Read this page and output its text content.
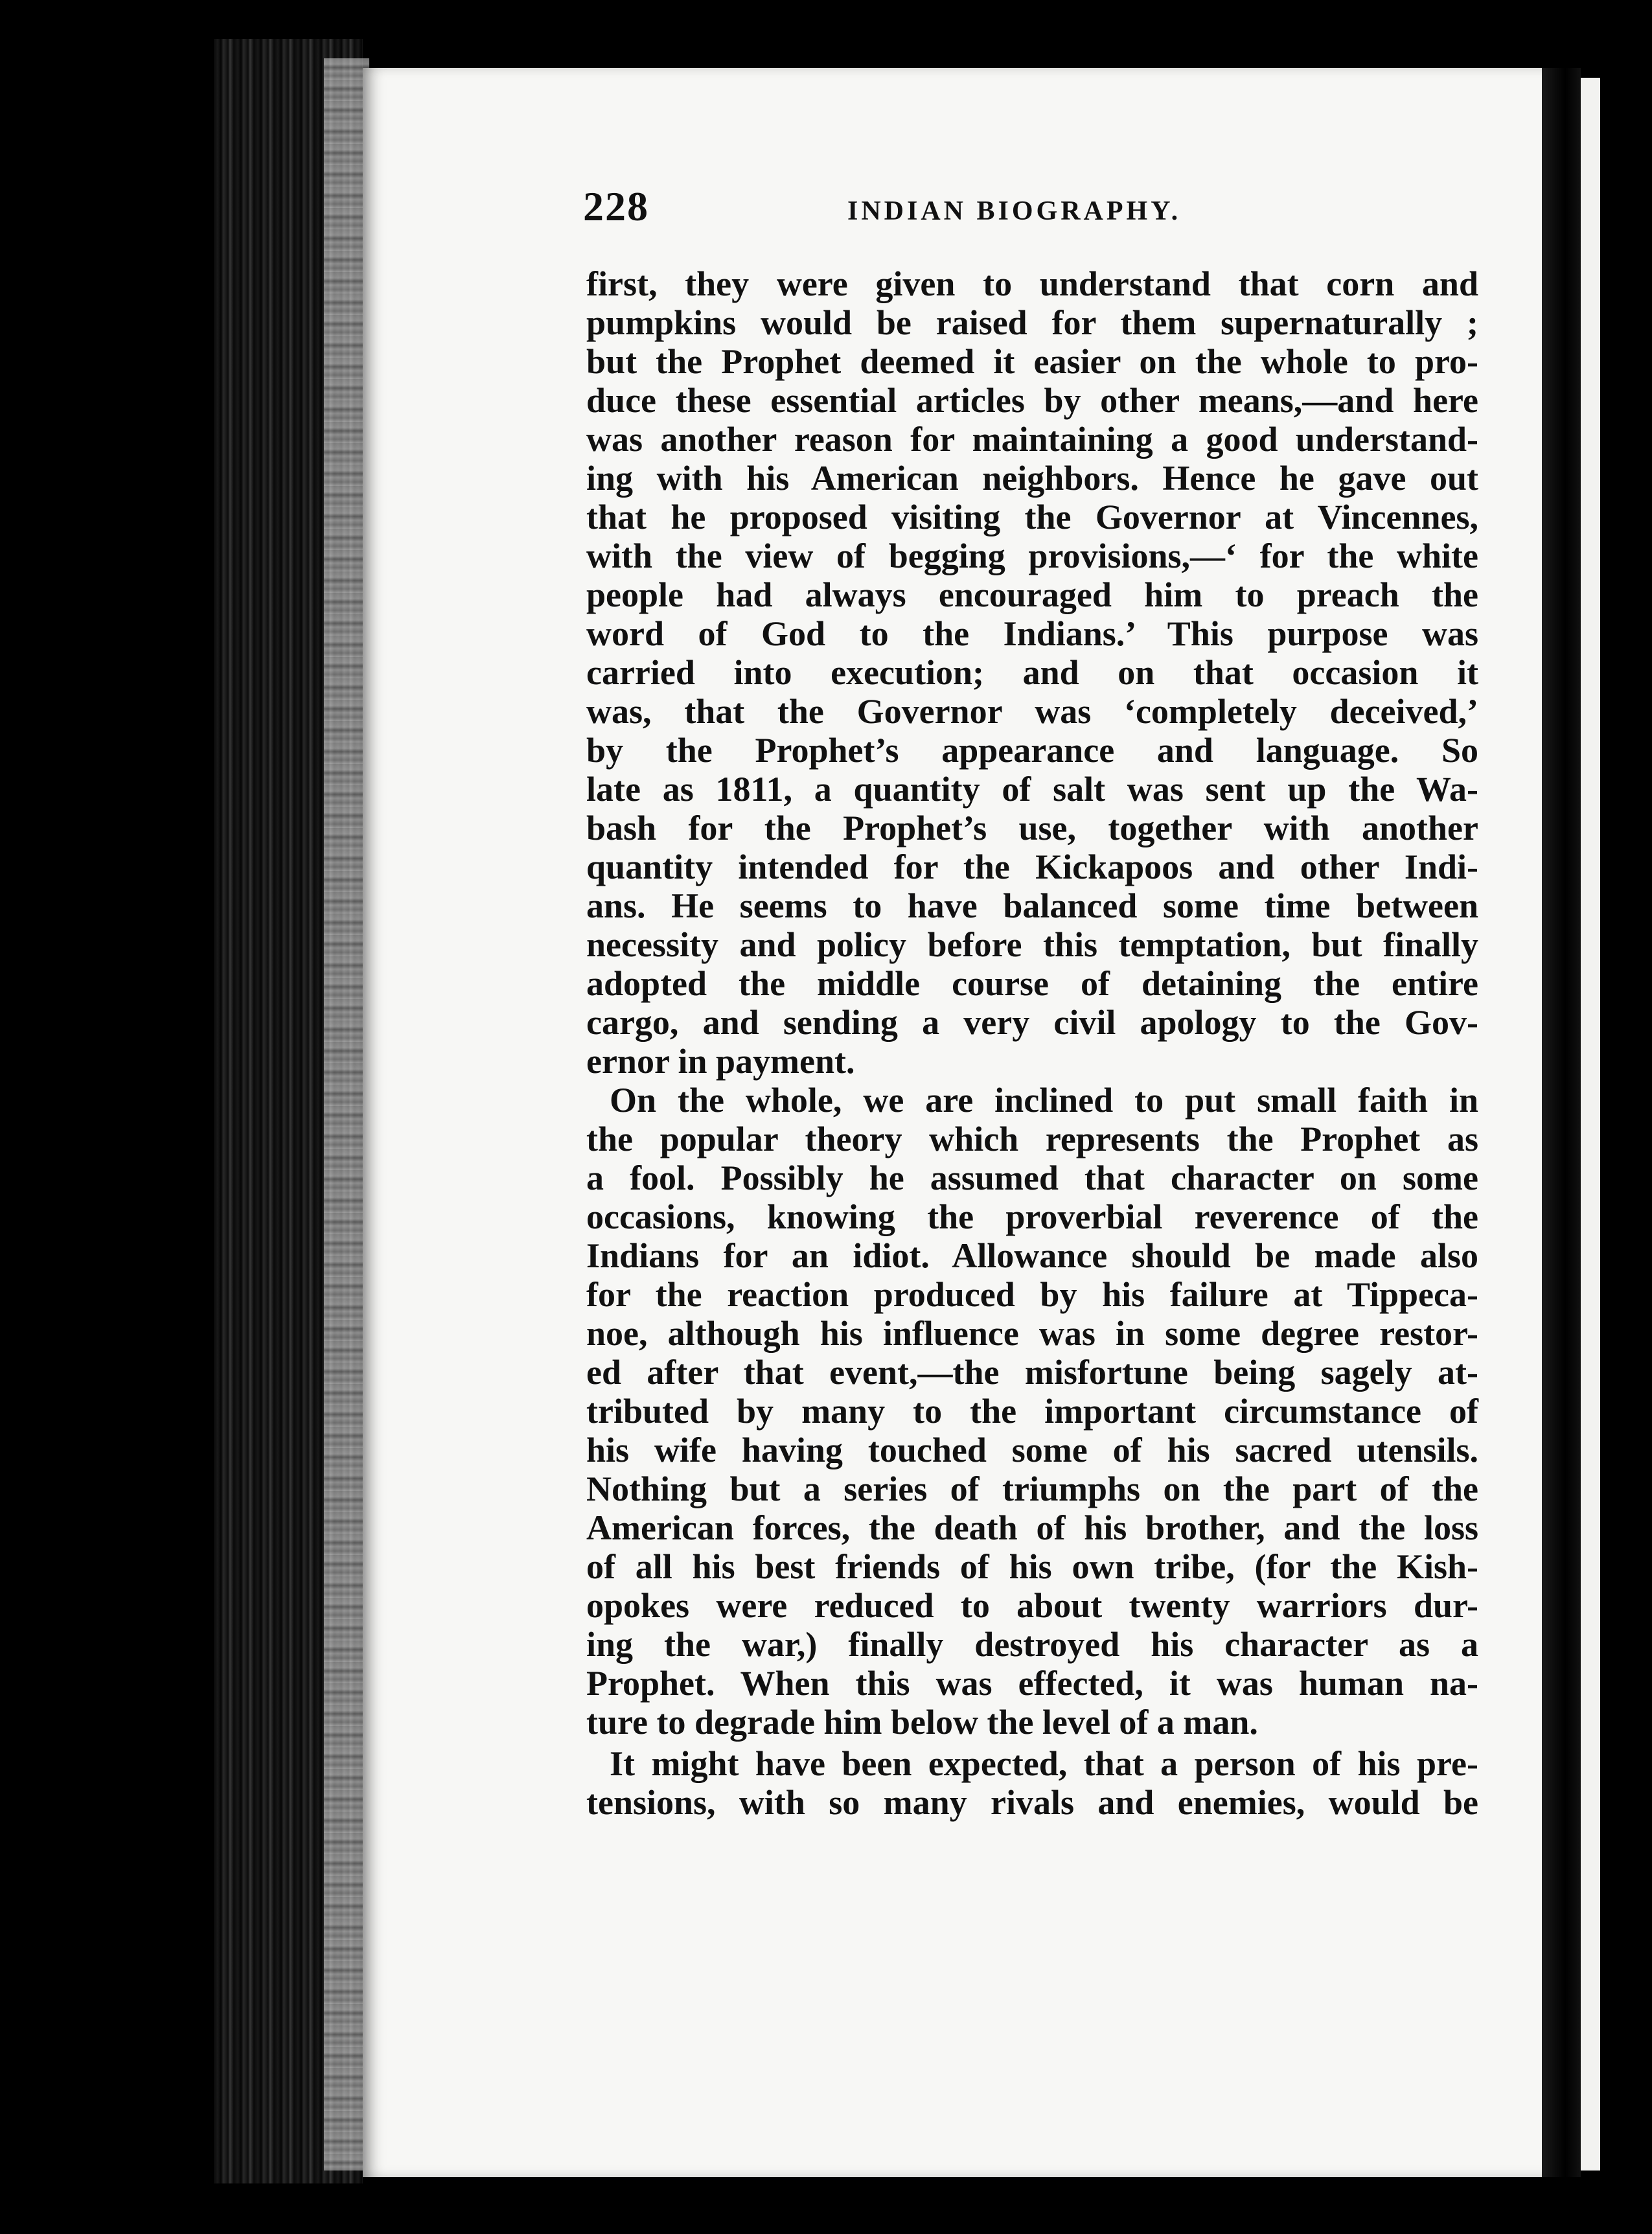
228	INDIAN BIOGRAPHY.
first, they were given to understand that corn and
pumpkins would be raised for them supernaturally ;
but the Prophet deemed it easier on the whole to pro-
duce these essential articles by other means,—and here
was another reason for maintaining a good understand-
ing with his American neighbors. Hence he gave out
that he proposed visiting the Governor at Vincennes,
with the view of begging provisions,—‘ for the white
people had always encouraged him to preach the
word of God to the Indians.’ This purpose was
carried into execution; and on that occasion it
was, that the Governor was ‘completely deceived,’
by the Prophet’s appearance and language. So
late as 1811, a quantity of salt was sent up the Wa-
bash for the Prophet’s use, together with another
quantity intended for the Kickapoos and other Indi-
ans. He seems to have balanced some time between
necessity and policy before this temptation, but finally
adopted the middle course of detaining the entire
cargo, and sending a very civil apology to the Gov-
ernor in payment.
On the whole, we are inclined to put small faith in
the popular theory which represents the Prophet as
a fool. Possibly he assumed that character on some
occasions, knowing the proverbial reverence of the
Indians for an idiot. Allowance should be made also
for the reaction produced by his failure at Tippeca-
noe, although his influence was in some degree restor-
ed after that event,—the misfortune being sagely at-
tributed by many to the important circumstance of
his wife having touched some of his sacred utensils.
Nothing but a series of triumphs on the part of the
American forces, the death of his brother, and the loss
of all his best friends of his own tribe, (for the Kish-
opokes were reduced to about twenty warriors dur-
ing the war,) finally destroyed his character as a
Prophet. When this was effected, it was human na-
ture to degrade him below the level of a man.
It might have been expected, that a person of his pre-
tensions, with so many rivals and enemies, would be
